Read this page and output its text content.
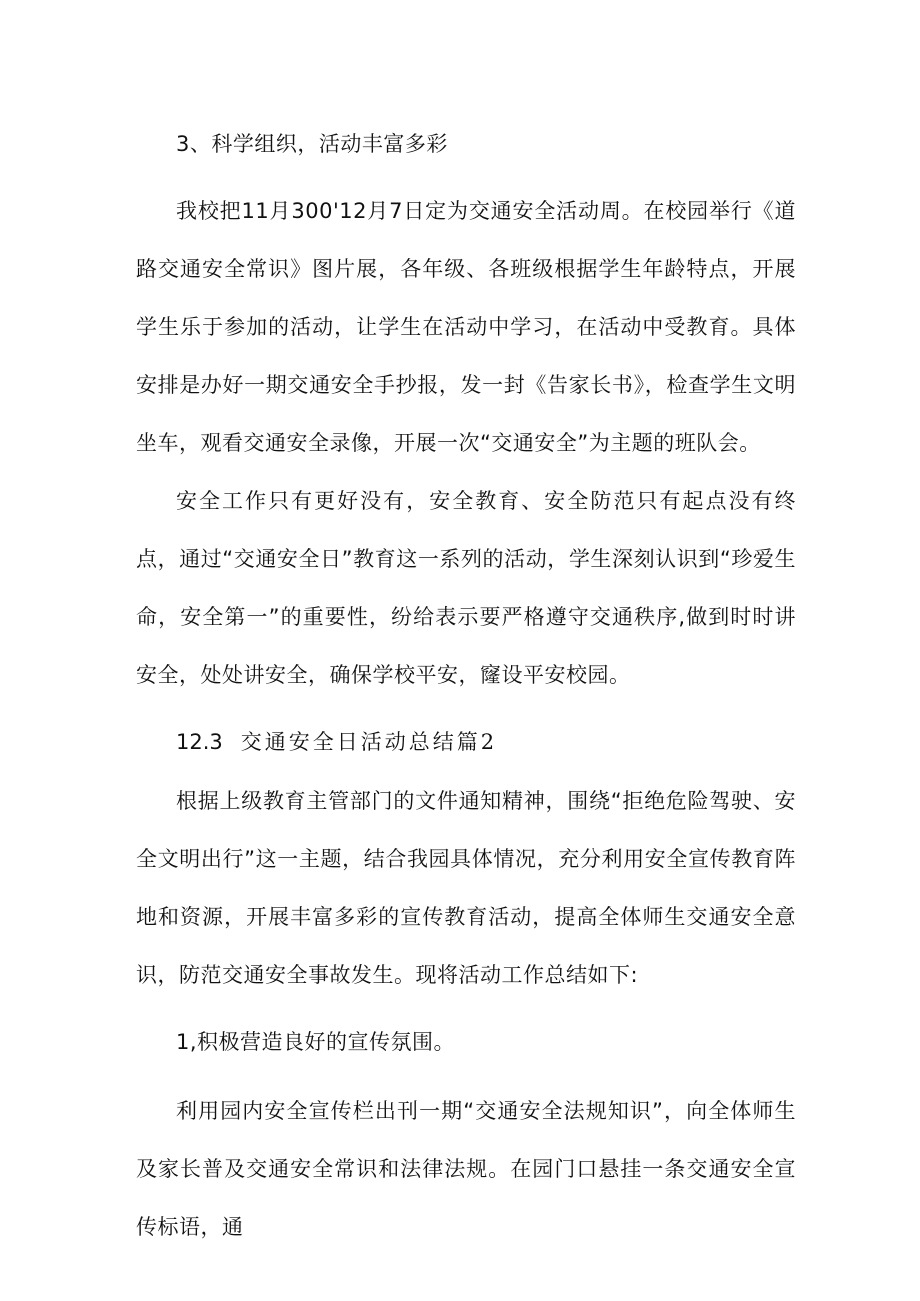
3、科学组织，活动丰富多彩
我校把11月300'12月7日定为交通安全活动周。在校园举行《道路交通安全常识》图片展，各年级、各班级根据学生年龄特点，开展学生乐于参加的活动，让学生在活动中学习，在活动中受教育。具体安排是办好一期交通安全手抄报，发一封《告家长书》，检查学生文明坐车，观看交通安全录像，开展一次“交通安全”为主题的班队会。
安全工作只有更好没有，安全教育、安全防范只有起点没有终点，通过“交通安全日”教育这一系列的活动，学生深刻认识到“珍爱生命，安全第一”的重要性，纷给表示要严格遵守交通秩序,做到时时讲安全，处处讲安全，确保学校平安，窿设平安校园。
12.3 交通安全日活动总结篇2
根据上级教育主管部门的文件通知精神，围绕“拒绝危险驾驶、安全文明出行”这一主题，结合我园具体情况，充分利用安全宣传教育阵地和资源，开展丰富多彩的宣传教育活动，提高全体师生交通安全意识，防范交通安全事故发生。现将活动工作总结如下:
1,积极营造良好的宣传氛围。
利用园内安全宣传栏出刊一期“交通安全法规知识”，向全体师生及家长普及交通安全常识和法律法规。在园门口悬挂一条交通安全宣传标语，通
